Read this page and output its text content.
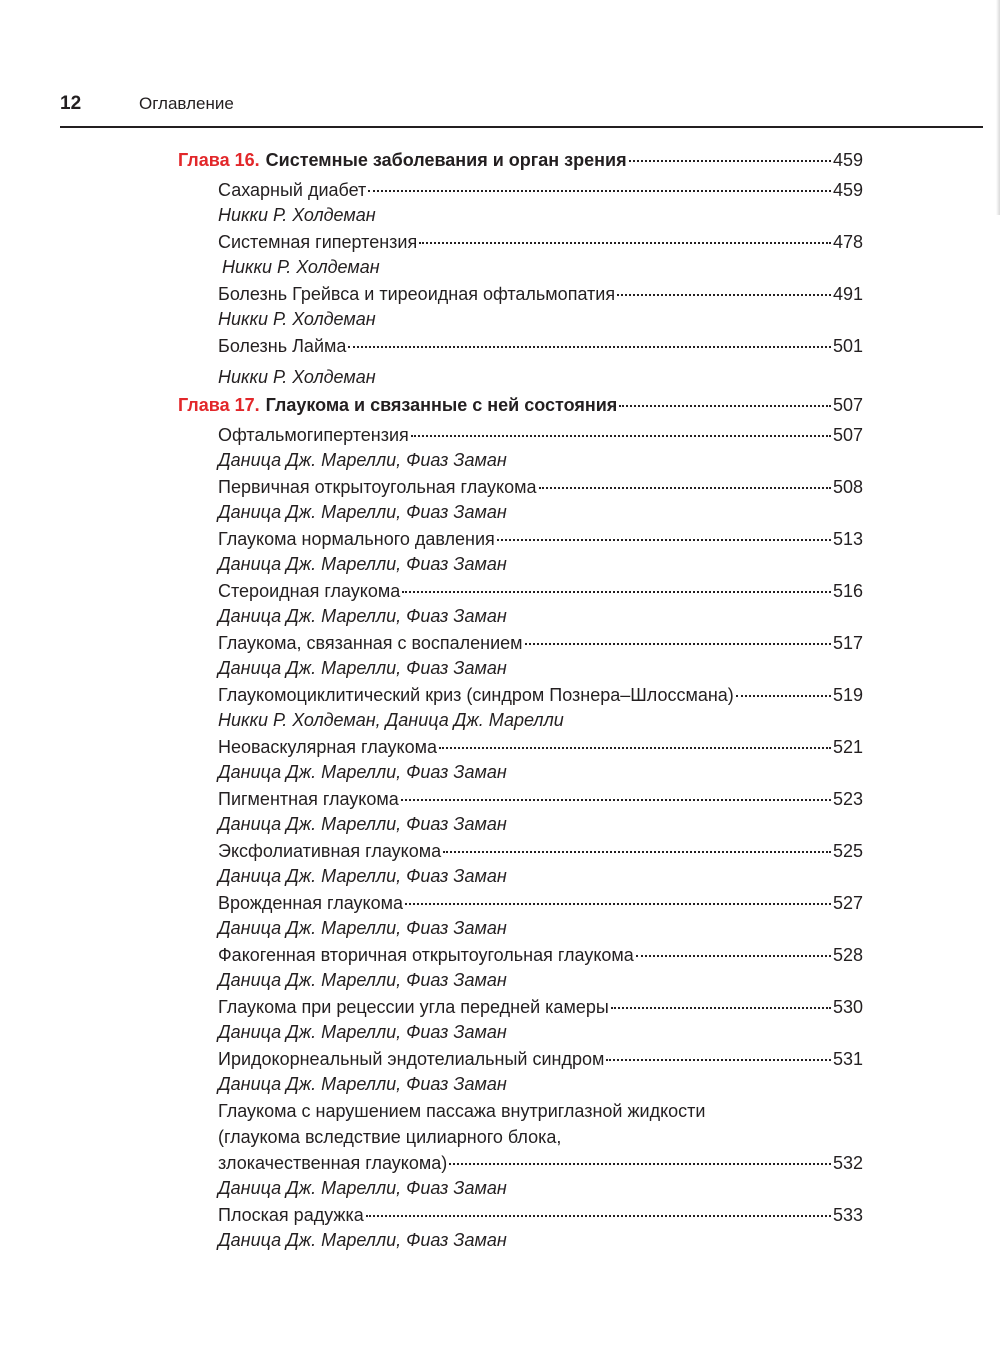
12	Оглавление
Глава 16. Системные заболевания и орган зрения	459
Сахарный диабет	459
Никки Р. Холдеман
Системная гипертензия	478
Никки Р. Холдеман
Болезнь Грейвса и тиреоидная офтальмопатия	491
Никки Р. Холдеман
Болезнь Лайма	501
Никки Р. Холдеман
Глава 17. Глаукома и связанные с ней состояния	507
Офтальмогипертензия	507
Даница Дж. Марелли, Фиаз Заман
Первичная открытоугольная глаукома	508
Даница Дж. Марелли, Фиаз Заман
Глаукома нормального давления	513
Даница Дж. Марелли, Фиаз Заман
Стероидная глаукома	516
Даница Дж. Марелли, Фиаз Заман
Глаукома, связанная с воспалением	517
Даница Дж. Марелли, Фиаз Заман
Глаукомоциклитический криз (синдром Познера–Шлоссмана)	519
Никки Р. Холдеман, Даница Дж. Марелли
Неоваскулярная глаукома	521
Даница Дж. Марелли, Фиаз Заман
Пигментная глаукома	523
Даница Дж. Марелли, Фиаз Заман
Эксфолиативная глаукома	525
Даница Дж. Марелли, Фиаз Заман
Врожденная глаукома	527
Даница Дж. Марелли, Фиаз Заман
Факогенная вторичная открытоугольная глаукома	528
Даница Дж. Марелли, Фиаз Заман
Глаукома при рецессии угла передней камеры	530
Даница Дж. Марелли, Фиаз Заман
Иридокорнеальный эндотелиальный синдром	531
Даница Дж. Марелли, Фиаз Заман
Глаукома с нарушением пассажа внутриглазной жидкости
(глаукома вследствие цилиарного блока,
злокачественная глаукома)	532
Даница Дж. Марелли, Фиаз Заман
Плоская радужка	533
Даница Дж. Марелли, Фиаз Заман
